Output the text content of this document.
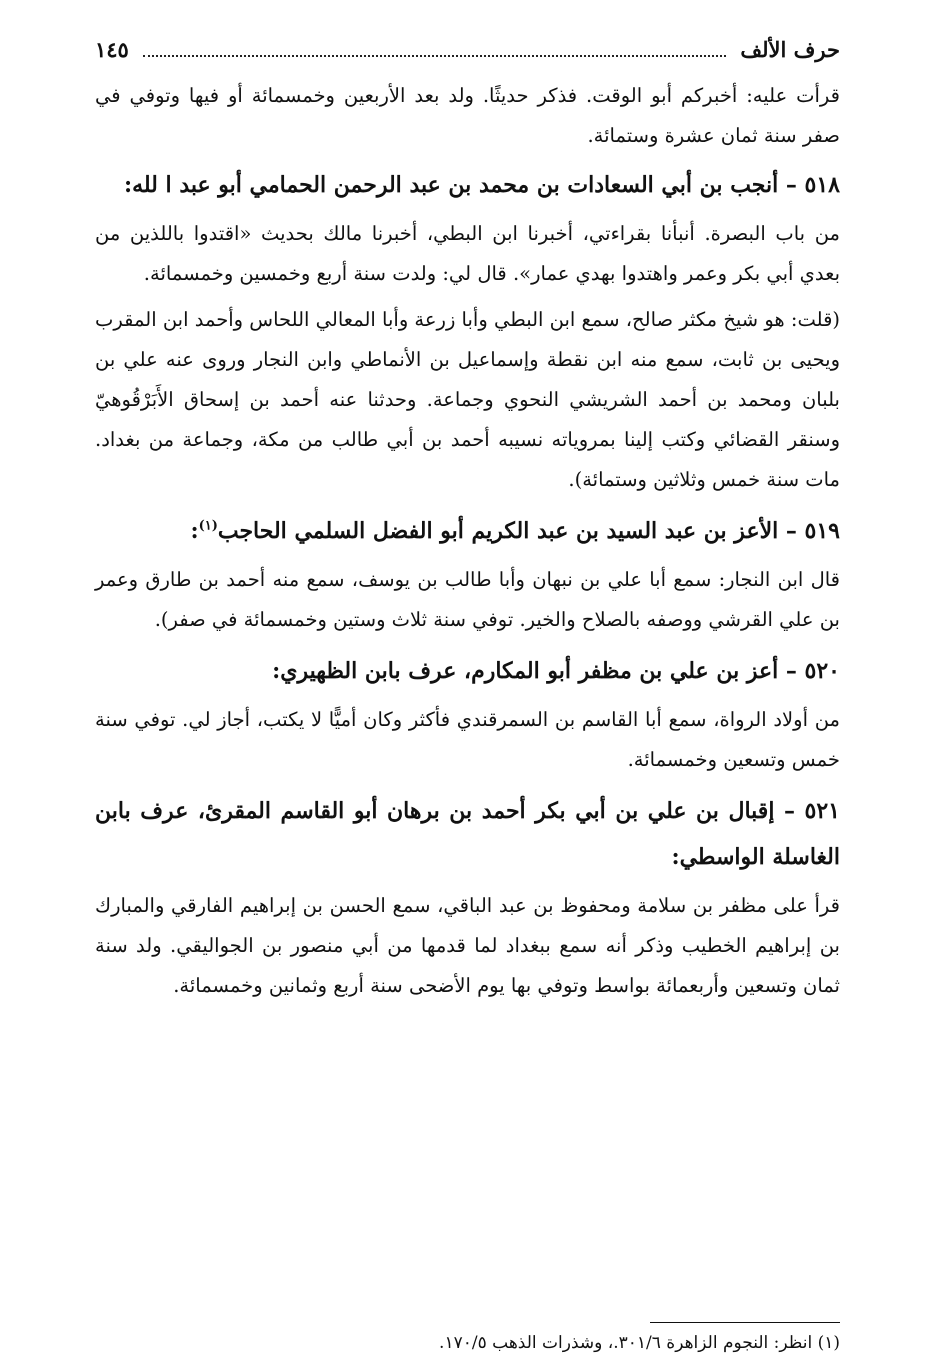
حرف الألف
١٤٥

قرأت عليه: أخبركم أبو الوقت. فذكر حديثًا. ولد بعد الأربعين وخمسمائة أو فيها وتوفي في صفر سنة ثمان عشرة وستمائة.

٥١٨ – أنجب بن أبي السعادات بن محمد بن عبد الرحمن الحمامي أبو عبد ا لله:

من باب البصرة. أنبأنا بقراءتي، أخبرنا ابن البطي، أخبرنا مالك بحديث «اقتدوا باللذين من بعدي أبي بكر وعمر واهتدوا بهدي عمار». قال لي: ولدت سنة أربع وخمسين وخمسمائة.

(قلت: هو شيخ مكثر صالح، سمع ابن البطي وأبا زرعة وأبا المعالي اللحاس وأحمد ابن المقرب ويحيى بن ثابت، سمع منه ابن نقطة وإسماعيل بن الأنماطي وابن النجار وروى عنه علي بن بلبان ومحمد بن أحمد الشريشي النحوي وجماعة. وحدثنا عنه أحمد بن إسحاق الأَبَرْقُوهيّ وسنقر القضائي وكتب إلينا بمروياته نسيبه أحمد بن أبي طالب من مكة، وجماعة من بغداد. مات سنة خمس وثلاثين وستمائة).

٥١٩ – الأعز بن عبد السيد بن عبد الكريم أبو الفضل السلمي الحاجب$^{(١)}$:

قال ابن النجار: سمع أبا علي بن نبهان وأبا طالب بن يوسف، سمع منه أحمد بن طارق وعمر بن علي القرشي ووصفه بالصلاح والخير. توفي سنة ثلاث وستين وخمسمائة في صفر).

٥٢٠ – أعز بن علي بن مظفر أبو المكارم، عرف بابن الظهيري:

من أولاد الرواة، سمع أبا القاسم بن السمرقندي فأكثر وكان أميًّا لا يكتب، أجاز لي. توفي سنة خمس وتسعين وخمسمائة.

٥٢١ – إقبال بن علي بن أبي بكر أحمد بن برهان أبو القاسم المقرئ، عرف بابن الغاسلة الواسطي:

قرأ على مظفر بن سلامة ومحفوظ بن عبد الباقي، سمع الحسن بن إبراهيم الفارقي والمبارك بن إبراهيم الخطيب وذكر أنه سمع ببغداد لما قدمها من أبي منصور بن الجواليقي. ولد سنة ثمان وتسعين وأربعمائة بواسط وتوفي بها يوم الأضحى سنة أربع وثمانين وخمسمائة.

(١) انظر: النجوم الزاهرة ٣٠١/٦.، وشذرات الذهب ١٧٠/٥.
